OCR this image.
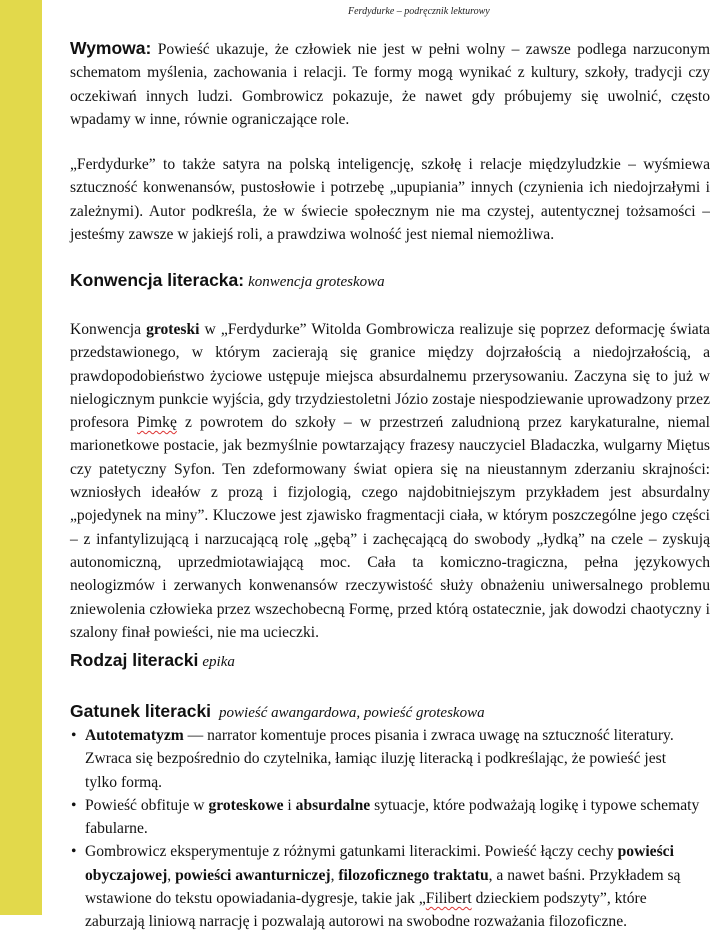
Ferdydurke – podręcznik lekturowy

Wymowa: Powieść ukazuje, że człowiek nie jest w pełni wolny – zawsze podlega narzuconym schematom myślenia, zachowania i relacji. Te formy mogą wynikać z kultury, szkoły, tradycji czy oczekiwań innych ludzi. Gombrowicz pokazuje, że nawet gdy próbujemy się uwolnić, często wpadamy w inne, równie ograniczające role.

„Ferdydurke” to także satyra na polską inteligencję, szkołę i relacje międzyludzkie – wyśmiewa sztuczność konwenansów, pustosłowie i potrzebę „upupiania” innych (czynienia ich niedojrzałymi i zależnymi). Autor podkreśla, że w świecie społecznym nie ma czystej, autentycznej tożsamości – jesteśmy zawsze w jakiejś roli, a prawdziwa wolność jest niemal niemożliwa.

Konwencja literacka: konwencja groteskowa

Konwencja groteski w „Ferdydurke” Witolda Gombrowicza realizuje się poprzez deformację świata przedstawionego, w którym zacierają się granice między dojrzałością a niedojrzałością, a prawdopodobieństwo życiowe ustępuje miejsca absurdalnemu przerysowaniu. Zaczyna się to już w nielogicznym punkcie wyjścia, gdy trzydziestoletni Józio zostaje niespodziewanie uprowadzony przez profesora Pimkę z powrotem do szkoły – w przestrzeń zaludnioną przez karykaturalne, niemal marionetkowe postacie, jak bezmyślnie powtarzający frazesy nauczyciel Bladaczka, wulgarny Miętus czy patetyczny Syfon. Ten zdeformowany świat opiera się na nieustannym zderzaniu skrajności: wzniosłych ideałów z prozą i fizjologią, czego najdobitniejszym przykładem jest absurdalny „pojedynek na miny”. Kluczowe jest zjawisko fragmentacji ciała, w którym poszczególne jego części – z infantylizującą i narzucającą rolę „gębą” i zachęcającą do swobody „łydką” na czele – zyskują autonomiczną, uprzedmiotawiającą moc. Cała ta komiczno-tragiczna, pełna językowych neologizmów i zerwanych konwenansów rzeczywistość służy obnażeniu uniwersalnego problemu zniewolenia człowieka przez wszechobecną Formę, przed którą ostatecznie, jak dowodzi chaotyczny i szalony finał powieści, nie ma ucieczki.

Rodzaj literacki epika
Gatunek literacki powieść awangardowa, powieść groteskowa
• Autotematyzm — narrator komentuje proces pisania i zwraca uwagę na sztuczność literatury. Zwraca się bezpośrednio do czytelnika, łamiąc iluzję literacką i podkreślając, że powieść jest tylko formą.
• Powieść obfituje w groteskowe i absurdalne sytuacje, które podważają logikę i typowe schematy fabularne.
• Gombrowicz eksperymentuje z różnymi gatunkami literackimi. Powieść łączy cechy powieści obyczajowej, powieści awanturniczej, filozoficznego traktatu, a nawet baśni. Przykładem są wstawione do tekstu opowiadania-dygresje, takie jak „Filibert dzieckiem podszyty”, które zaburzają liniową narrację i pozwalają autorowi na swobodne rozważania filozoficzne.
